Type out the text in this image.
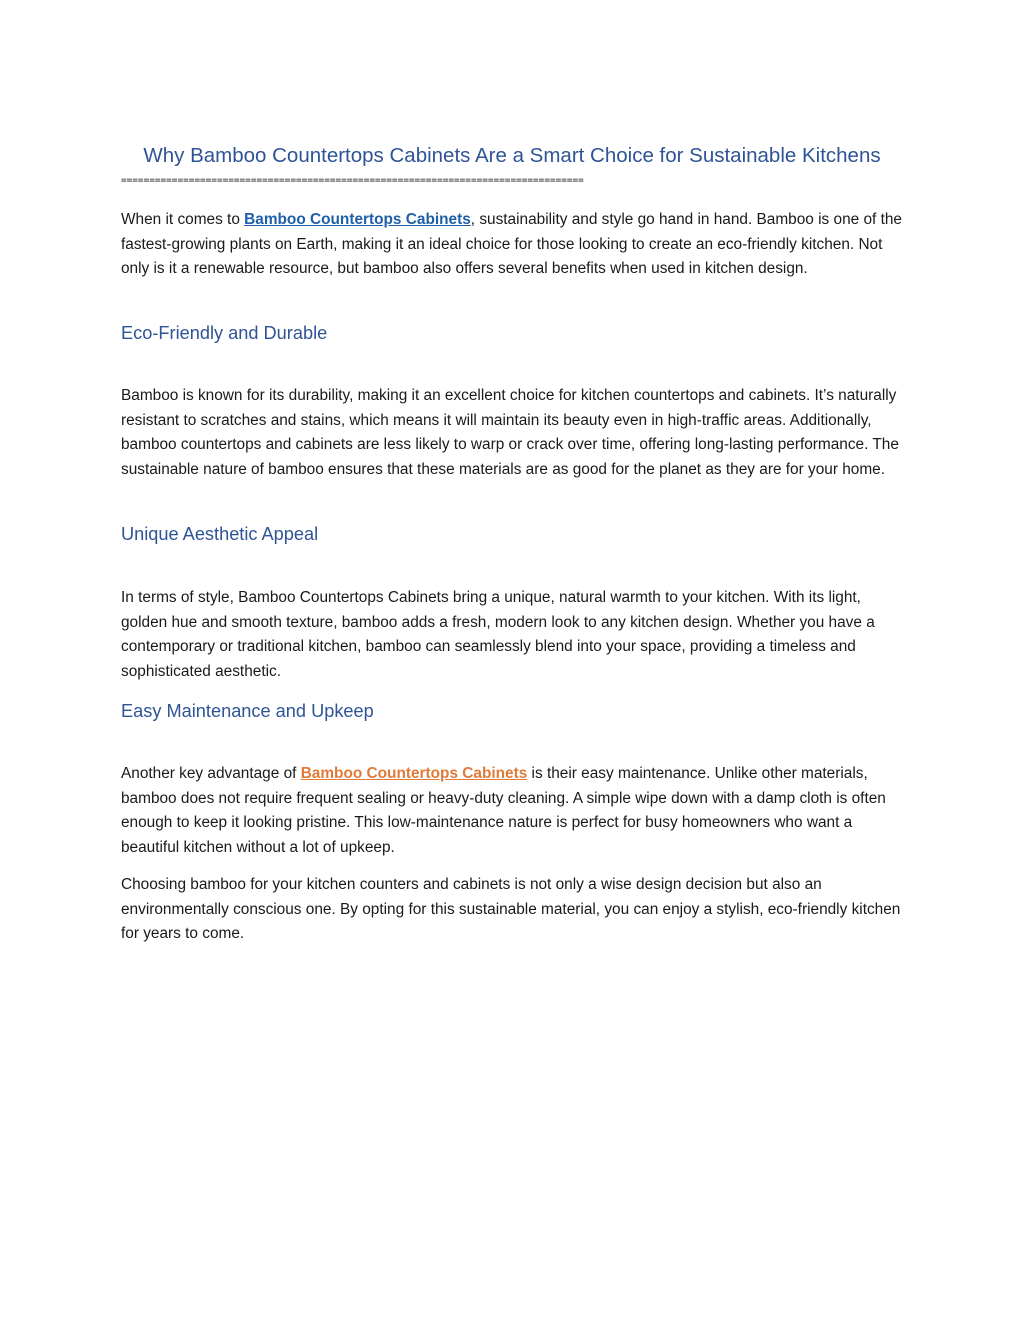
Why Bamboo Countertops Cabinets Are a Smart Choice for Sustainable Kitchens
==================================================================================

When it comes to Bamboo Countertops Cabinets, sustainability and style go hand in hand. Bamboo is one of the fastest-growing plants on Earth, making it an ideal choice for those looking to create an eco-friendly kitchen. Not only is it a renewable resource, but bamboo also offers several benefits when used in kitchen design.

Eco-Friendly and Durable

Bamboo is known for its durability, making it an excellent choice for kitchen countertops and cabinets. It’s naturally resistant to scratches and stains, which means it will maintain its beauty even in high-traffic areas. Additionally, bamboo countertops and cabinets are less likely to warp or crack over time, offering long-lasting performance. The sustainable nature of bamboo ensures that these materials are as good for the planet as they are for your home.

Unique Aesthetic Appeal

In terms of style, Bamboo Countertops Cabinets bring a unique, natural warmth to your kitchen. With its light, golden hue and smooth texture, bamboo adds a fresh, modern look to any kitchen design. Whether you have a contemporary or traditional kitchen, bamboo can seamlessly blend into your space, providing a timeless and sophisticated aesthetic.

Easy Maintenance and Upkeep

Another key advantage of Bamboo Countertops Cabinets is their easy maintenance. Unlike other materials, bamboo does not require frequent sealing or heavy-duty cleaning. A simple wipe down with a damp cloth is often enough to keep it looking pristine. This low-maintenance nature is perfect for busy homeowners who want a beautiful kitchen without a lot of upkeep.

Choosing bamboo for your kitchen counters and cabinets is not only a wise design decision but also an environmentally conscious one. By opting for this sustainable material, you can enjoy a stylish, eco-friendly kitchen for years to come.
